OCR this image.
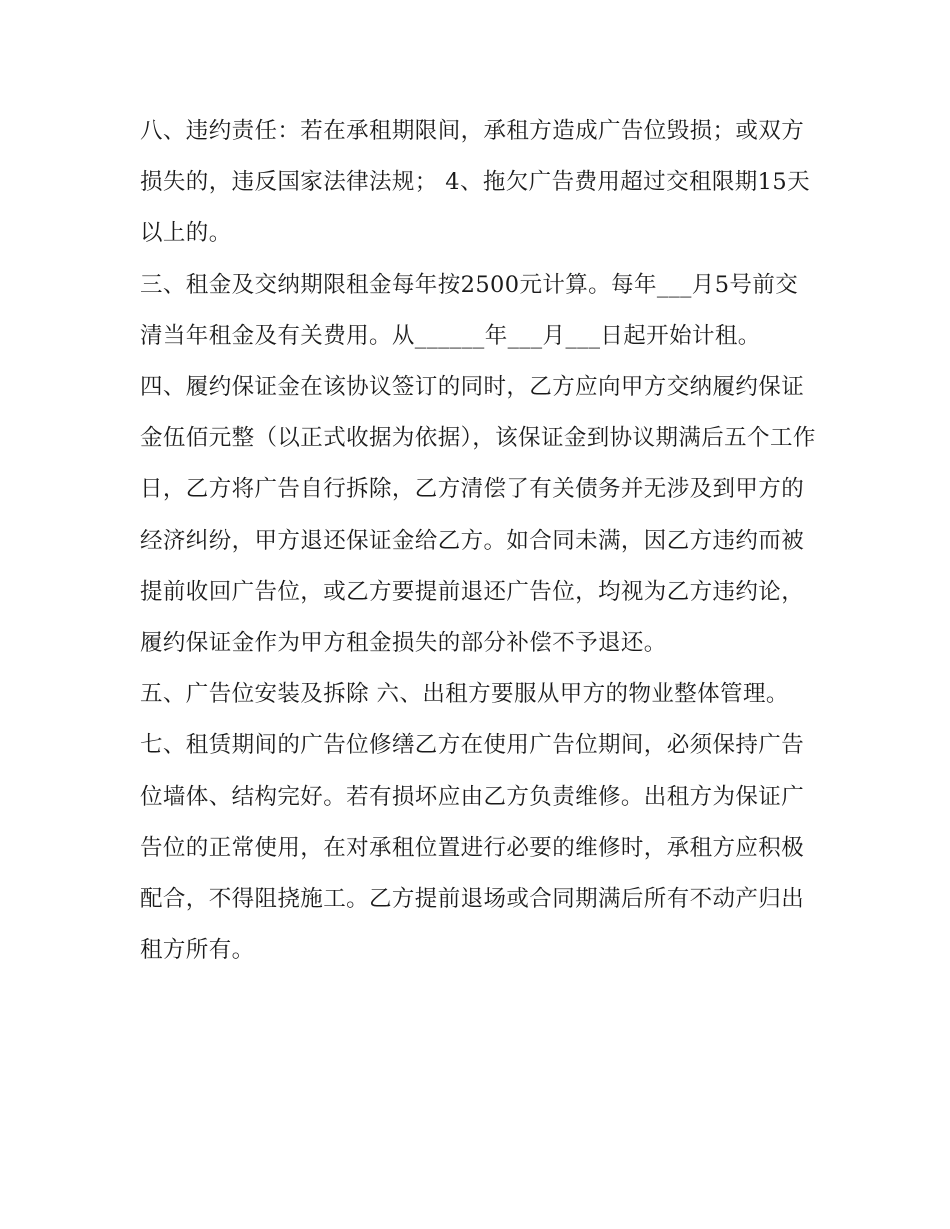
八、违约责任：若在承租期限间，承租方造成广告位毁损；或双方损失的，违反国家法律法规； 4、拖欠广告费用超过交租限期15天以上的。

三、租金及交纳期限租金每年按2500元计算。每年___月5号前交清当年租金及有关费用。从______年___月___日起开始计租。

四、履约保证金在该协议签订的同时，乙方应向甲方交纳履约保证金伍佰元整（以正式收据为依据），该保证金到协议期满后五个工作日，乙方将广告自行拆除，乙方清偿了有关债务并无涉及到甲方的经济纠纷，甲方退还保证金给乙方。如合同未满，因乙方违约而被提前收回广告位，或乙方要提前退还广告位，均视为乙方违约论，履约保证金作为甲方租金损失的部分补偿不予退还。

五、广告位安装及拆除 六、出租方要服从甲方的物业整体管理。

七、租赁期间的广告位修缮乙方在使用广告位期间，必须保持广告位墙体、结构完好。若有损坏应由乙方负责维修。出租方为保证广告位的正常使用，在对承租位置进行必要的维修时，承租方应积极配合，不得阻挠施工。乙方提前退场或合同期满后所有不动产归出租方所有。
